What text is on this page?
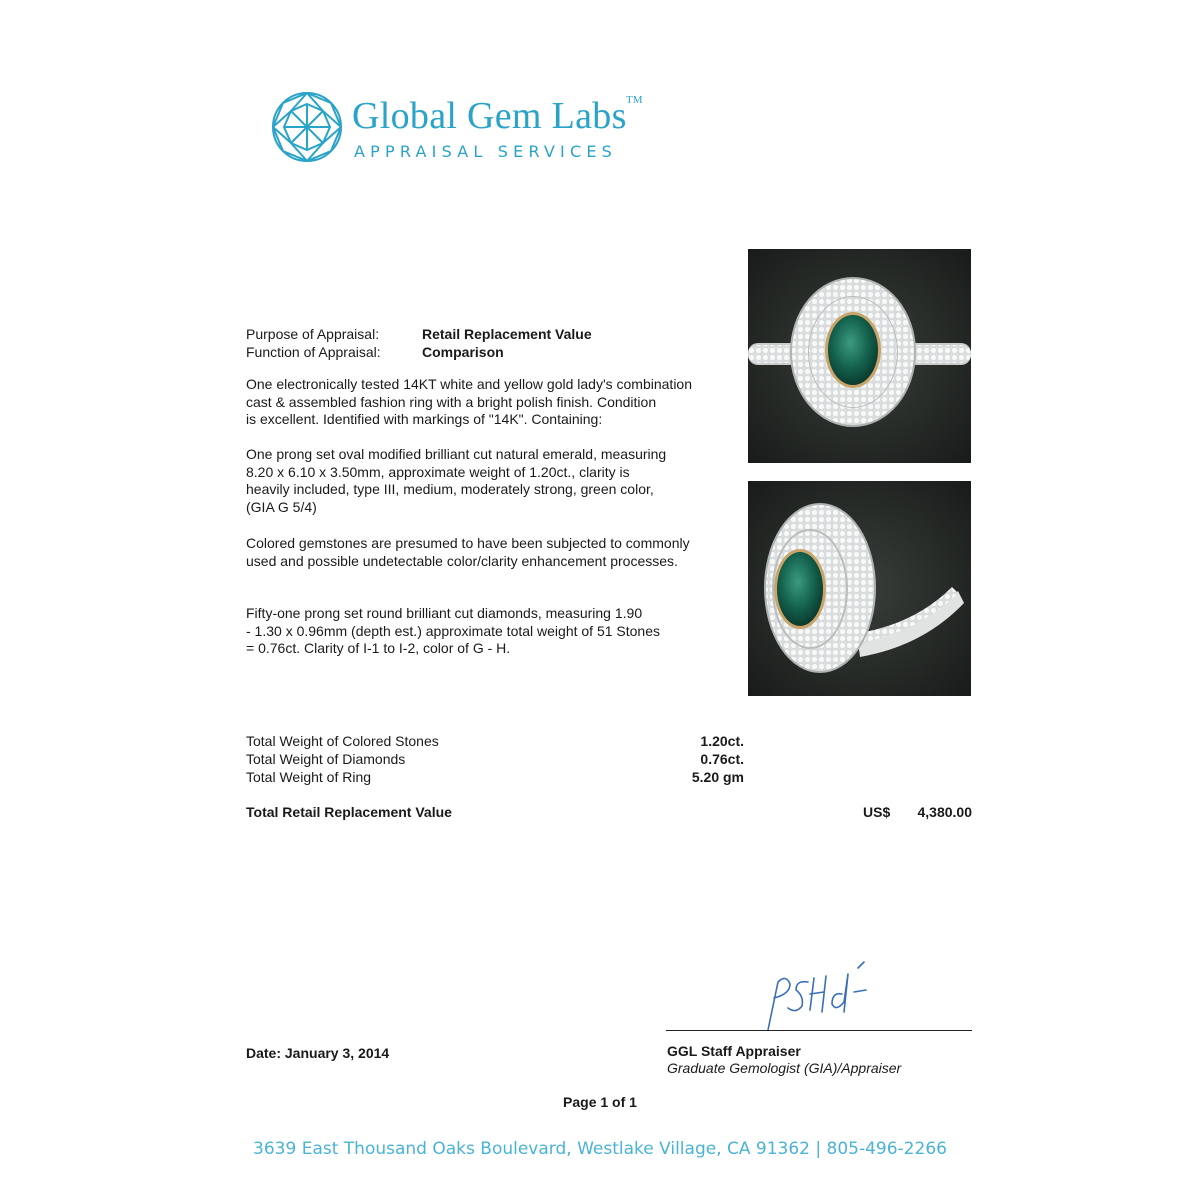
Global Gem Labs TM
APPRAISAL SERVICES
Purpose of Appraisal:	Retail Replacement Value
Function of Appraisal:	Comparison
One electronically tested 14KT white and yellow gold lady's combination
cast & assembled fashion ring with a bright polish finish. Condition
is excellent. Identified with markings of "14K". Containing:
One prong set oval modified brilliant cut natural emerald, measuring
8.20 x 6.10 x 3.50mm, approximate weight of 1.20ct., clarity is
heavily included, type III, medium, moderately strong, green color,
(GIA G 5/4)
Colored gemstones are presumed to have been subjected to commonly
used and possible undetectable color/clarity enhancement processes.
Fifty-one prong set round brilliant cut diamonds, measuring 1.90
- 1.30 x 0.96mm (depth est.) approximate total weight of 51 Stones
= 0.76ct. Clarity of I-1 to I-2, color of G - H.
Total Weight of Colored Stones	1.20ct.
Total Weight of Diamonds	0.76ct.
Total Weight of Ring	5.20 gm
Total Retail Replacement Value	US$ 4,380.00
Date: January 3, 2014	GGL Staff Appraiser
Graduate Gemologist (GIA)/Appraiser
Page 1 of 1
3639 East Thousand Oaks Boulevard, Westlake Village, CA 91362 | 805-496-2266
